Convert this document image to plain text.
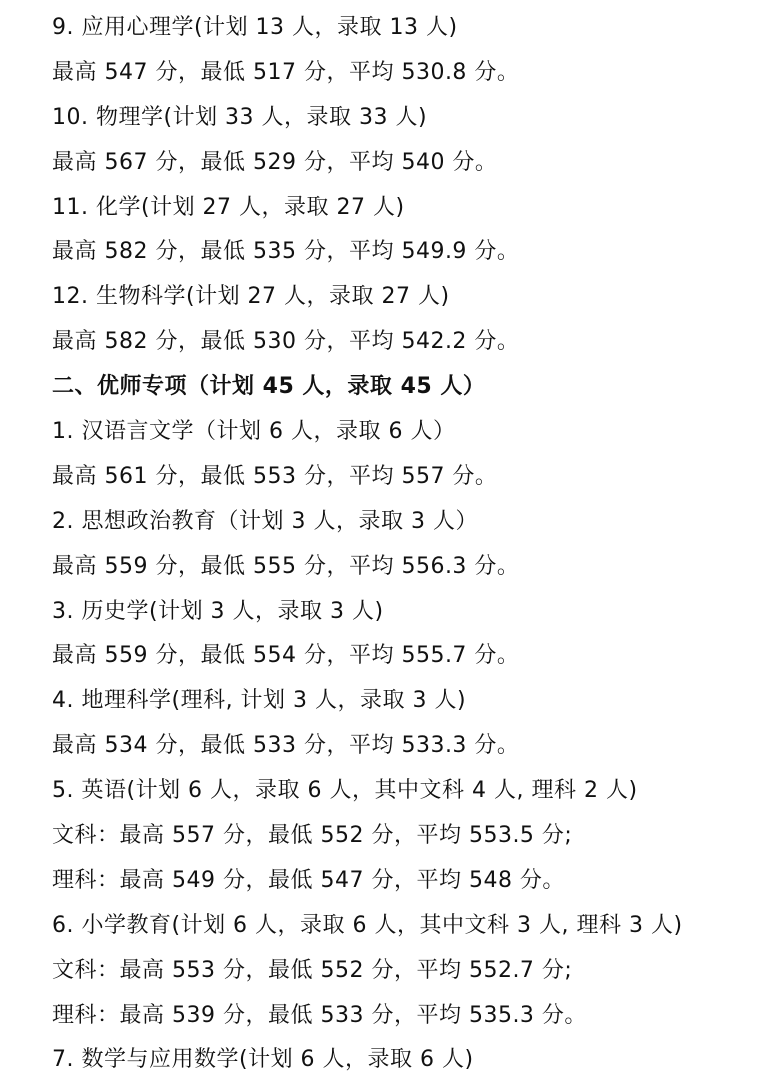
9. 应用心理学(计划 13 人，录取 13 人)
最高 547 分，最低 517 分，平均 530.8 分。
10. 物理学(计划 33 人，录取 33 人)
最高 567 分，最低 529 分，平均 540 分。
11. 化学(计划 27 人，录取 27 人)
最高 582 分，最低 535 分，平均 549.9 分。
12. 生物科学(计划 27 人，录取 27 人)
最高 582 分，最低 530 分，平均 542.2 分。
二、优师专项（计划 45 人，录取 45 人）
1. 汉语言文学（计划 6 人，录取 6 人）
最高 561 分，最低 553 分，平均 557 分。
2. 思想政治教育（计划 3 人，录取 3 人）
最高 559 分，最低 555 分，平均 556.3 分。
3. 历史学(计划 3 人，录取 3 人)
最高 559 分，最低 554 分，平均 555.7 分。
4. 地理科学(理科, 计划 3 人，录取 3 人)
最高 534 分，最低 533 分，平均 533.3 分。
5. 英语(计划 6 人，录取 6 人，其中文科 4 人, 理科 2 人)
文科：最高 557 分，最低 552 分，平均 553.5 分;
理科：最高 549 分，最低 547 分，平均 548 分。
6. 小学教育(计划 6 人，录取 6 人，其中文科 3 人, 理科 3 人)
文科：最高 553 分，最低 552 分，平均 552.7 分;
理科：最高 539 分，最低 533 分，平均 535.3 分。
7. 数学与应用数学(计划 6 人，录取 6 人)
